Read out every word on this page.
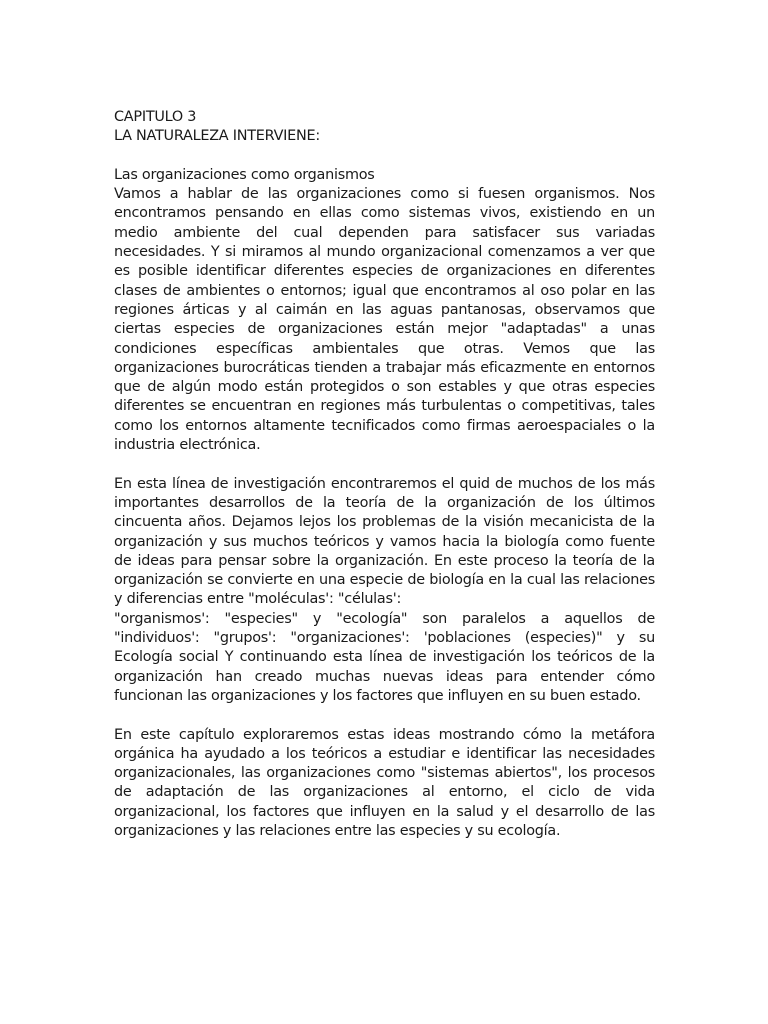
CAPITULO 3
LA NATURALEZA INTERVIENE:
Las organizaciones como organismos

Vamos a hablar de las organizaciones como si fuesen organismos. Nos encontramos pensando en ellas como sistemas vivos, existiendo en un medio ambiente del cual dependen para satisfacer sus variadas necesidades. Y si miramos al mundo organizacional comenzamos a ver que es posible identificar diferentes especies de organizaciones en diferentes clases de ambientes o entornos; igual que encontramos al oso polar en las regiones árticas y al caimán en las aguas pantanosas, observamos que ciertas especies de organizaciones están mejor "adaptadas" a unas condiciones específicas ambientales que otras. Vemos que las organizaciones burocráticas tienden a trabajar más eficazmente en entornos que de algún modo están protegidos o son estables y que otras especies diferentes se encuentran en regiones más turbulentas o competitivas, tales como los entornos altamente tecnificados como firmas aeroespaciales o la industria electrónica.

En esta línea de investigación encontraremos el quid de muchos de los más importantes desarrollos de la teoría de la organización de los últimos cincuenta años. Dejamos lejos los problemas de la visión mecanicista de la organización y sus muchos teóricos y vamos hacia la biología como fuente de ideas para pensar sobre la organización. En este proceso la teoría de la organización se convierte en una especie de biología en la cual las relaciones y diferencias entre "moléculas': "células':

"organismos': "especies" y "ecología" son paralelos a aquellos de "individuos': "grupos': "organizaciones': 'poblaciones (especies)" y su Ecología social Y continuando esta línea de investigación los teóricos de la organización han creado muchas nuevas ideas para entender cómo funcionan las organizaciones y los factores que influyen en su buen estado.

En este capítulo exploraremos estas ideas mostrando cómo la metáfora orgánica ha ayudado a los teóricos a estudiar e identificar las necesidades organizacionales, las organizaciones como "sistemas abiertos", los procesos de adaptación de las organizaciones al entorno, el ciclo de vida organizacional, los factores que influyen en la salud y el desarrollo de las organizaciones y las relaciones entre las especies y su ecología.
